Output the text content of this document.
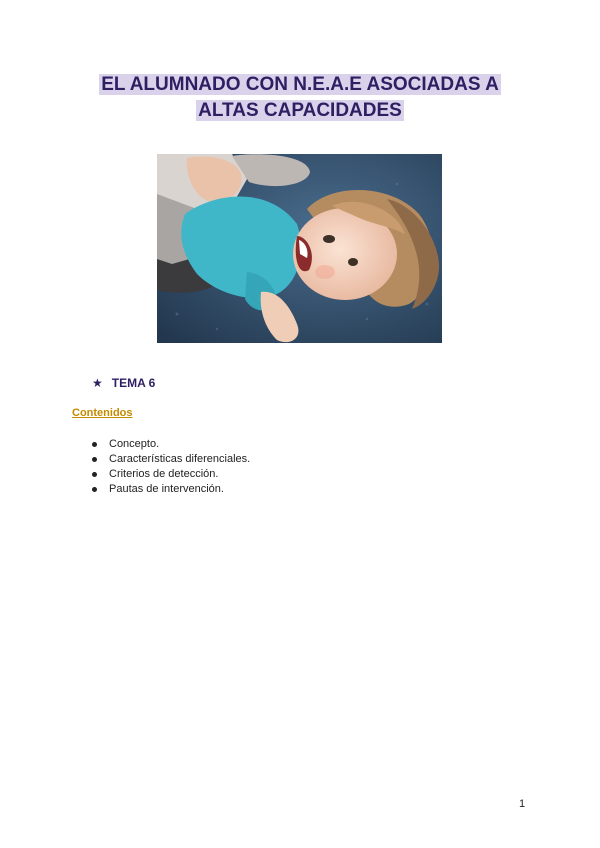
EL ALUMNADO CON N.E.A.E ASOCIADAS A
ALTAS CAPACIDADES
★ TEMA 6
Contenidos
Concepto.
Características diferenciales.
Criterios de detección.
Pautas de intervención.
1
